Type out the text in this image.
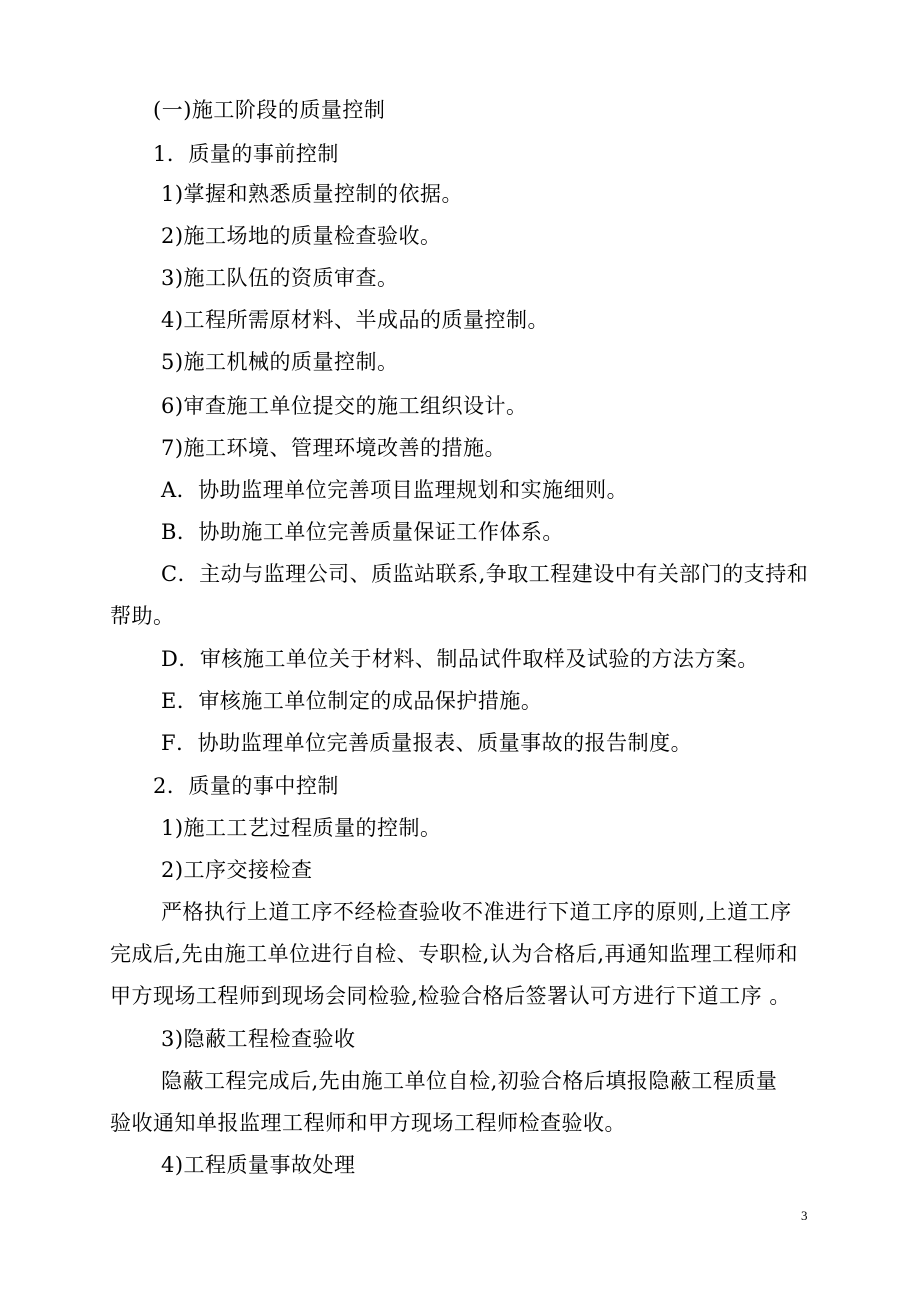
(一)施工阶段的质量控制
1．质量的事前控制
1)掌握和熟悉质量控制的依据。
2)施工场地的质量检查验收。
3)施工队伍的资质审查。
4)工程所需原材料、半成品的质量控制。
5)施工机械的质量控制。
6)审查施工单位提交的施工组织设计。
7)施工环境、管理环境改善的措施。
A．协助监理单位完善项目监理规划和实施细则。
B．协助施工单位完善质量保证工作体系。
C．主动与监理公司、质监站联系,争取工程建设中有关部门的支持和
帮助。
D．审核施工单位关于材料、制品试件取样及试验的方法方案。
E．审核施工单位制定的成品保护措施。
F．协助监理单位完善质量报表、质量事故的报告制度。
2．质量的事中控制
1)施工工艺过程质量的控制。
2)工序交接检查
严格执行上道工序不经检查验收不准进行下道工序的原则,上道工序
完成后,先由施工单位进行自检、专职检,认为合格后,再通知监理工程师和
甲方现场工程师到现场会同检验,检验合格后签署认可方进行下道工序 。
3)隐蔽工程检查验收
隐蔽工程完成后,先由施工单位自检,初验合格后填报隐蔽工程质量
验收通知单报监理工程师和甲方现场工程师检查验收。
4)工程质量事故处理
3
